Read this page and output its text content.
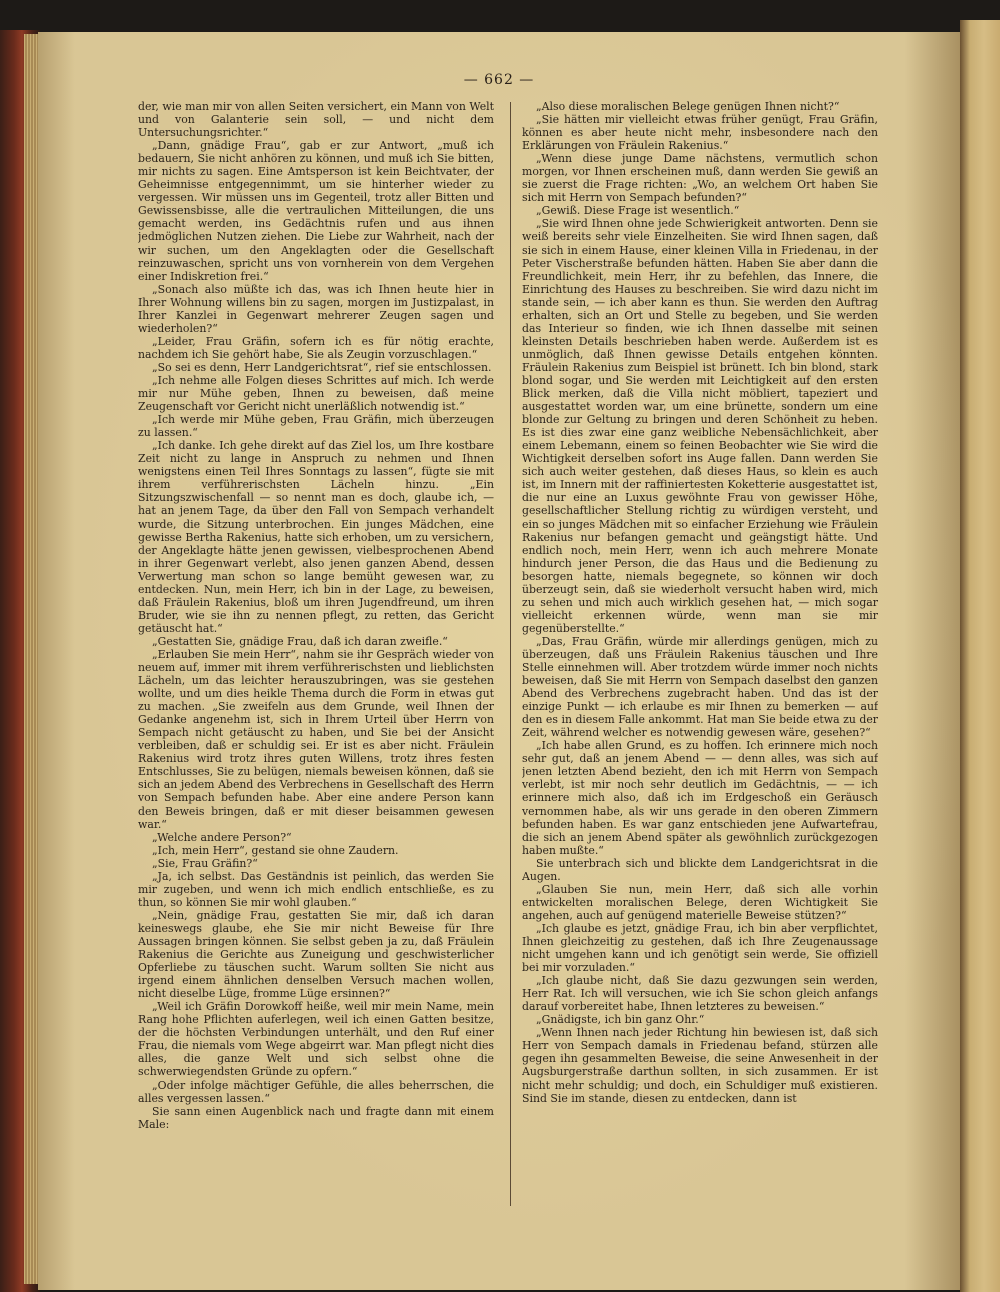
— 662 —

der, wie man mir von allen Seiten versichert, ein Mann von Welt und von Galanterie sein soll, — und nicht dem Untersuchungsrichter.“

„Dann, gnädige Frau“, gab er zur Antwort, „muß ich bedauern, Sie nicht anhören zu können, und muß ich Sie bitten, mir nichts zu sagen. Eine Amtsperson ist kein Beichtvater, der Geheimnisse entgegennimmt, um sie hinterher wieder zu vergessen. Wir müssen uns im Gegenteil, trotz aller Bitten und Gewissensbisse, alle die vertraulichen Mitteilungen, die uns gemacht werden, ins Gedächtnis rufen und aus ihnen jedmöglichen Nutzen ziehen. Die Liebe zur Wahrheit, nach der wir suchen, um den Angeklagten oder die Gesellschaft reinzuwaschen, spricht uns von vornherein von dem Vergehen einer Indiskretion frei.“

„Sonach also müßte ich das, was ich Ihnen heute hier in Ihrer Wohnung willens bin zu sagen, morgen im Justizpalast, in Ihrer Kanzlei in Gegenwart mehrerer Zeugen sagen und wiederholen?“

„Leider, Frau Gräfin, sofern ich es für nötig erachte, nachdem ich Sie gehört habe, Sie als Zeugin vorzuschlagen.“

„So sei es denn, Herr Landgerichtsrat“, rief sie entschlossen.

„Ich nehme alle Folgen dieses Schrittes auf mich. Ich werde mir nur Mühe geben, Ihnen zu beweisen, daß meine Zeugenschaft vor Gericht nicht unerläßlich notwendig ist.“

„Ich werde mir Mühe geben, Frau Gräfin, mich überzeugen zu lassen.“

„Ich danke. Ich gehe direkt auf das Ziel los, um Ihre kostbare Zeit nicht zu lange in Anspruch zu nehmen und Ihnen wenigstens einen Teil Ihres Sonntags zu lassen“, fügte sie mit ihrem verführerischsten Lächeln hinzu. „Ein Sitzungszwischenfall — so nennt man es doch, glaube ich, — hat an jenem Tage, da über den Fall von Sempach verhandelt wurde, die Sitzung unterbrochen. Ein junges Mädchen, eine gewisse Bertha Rakenius, hatte sich erhoben, um zu versichern, der Angeklagte hätte jenen gewissen, vielbesprochenen Abend in ihrer Gegenwart verlebt, also jenen ganzen Abend, dessen Verwertung man schon so lange bemüht gewesen war, zu entdecken. Nun, mein Herr, ich bin in der Lage, zu beweisen, daß Fräulein Rakenius, bloß um ihren Jugendfreund, um ihren Bruder, wie sie ihn zu nennen pflegt, zu retten, das Gericht getäuscht hat.“

„Gestatten Sie, gnädige Frau, daß ich daran zweifle.“

„Erlauben Sie mein Herr“, nahm sie ihr Gespräch wieder von neuem auf, immer mit ihrem verführerischsten und lieblichsten Lächeln, um das leichter herauszubringen, was sie gestehen wollte, und um dies heikle Thema durch die Form in etwas gut zu machen. „Sie zweifeln aus dem Grunde, weil Ihnen der Gedanke angenehm ist, sich in Ihrem Urteil über Herrn von Sempach nicht getäuscht zu haben, und Sie bei der Ansicht verbleiben, daß er schuldig sei. Er ist es aber nicht. Fräulein Rakenius wird trotz ihres guten Willens, trotz ihres festen Entschlusses, Sie zu belügen, niemals beweisen können, daß sie sich an jedem Abend des Verbrechens in Gesellschaft des Herrn von Sempach befunden habe. Aber eine andere Person kann den Beweis bringen, daß er mit dieser beisammen gewesen war.“

„Welche andere Person?“

„Ich, mein Herr“, gestand sie ohne Zaudern.

„Sie, Frau Gräfin?“

„Ja, ich selbst. Das Geständnis ist peinlich, das werden Sie mir zugeben, und wenn ich mich endlich entschließe, es zu thun, so können Sie mir wohl glauben.“

„Nein, gnädige Frau, gestatten Sie mir, daß ich daran keineswegs glaube, ehe Sie mir nicht Beweise für Ihre Aussagen bringen können. Sie selbst geben ja zu, daß Fräulein Rakenius die Gerichte aus Zuneigung und geschwisterlicher Opferliebe zu täuschen sucht. Warum sollten Sie nicht aus irgend einem ähnlichen denselben Versuch machen wollen, nicht dieselbe Lüge, fromme Lüge ersinnen?“

„Weil ich Gräfin Dorowkoff heiße, weil mir mein Name, mein Rang hohe Pflichten auferlegen, weil ich einen Gatten besitze, der die höchsten Verbindungen unterhält, und den Ruf einer Frau, die niemals vom Wege abgeirrt war. Man pflegt nicht dies alles, die ganze Welt und sich selbst ohne die schwerwiegendsten Gründe zu opfern.“

„Oder infolge mächtiger Gefühle, die alles beherrschen, die alles vergessen lassen.“

Sie sann einen Augenblick nach und fragte dann mit einem Male:

„Also diese moralischen Belege genügen Ihnen nicht?“

„Sie hätten mir vielleicht etwas früher genügt, Frau Gräfin, können es aber heute nicht mehr, insbesondere nach den Erklärungen von Fräulein Rakenius.“

„Wenn diese junge Dame nächstens, vermutlich schon morgen, vor Ihnen erscheinen muß, dann werden Sie gewiß an sie zuerst die Frage richten: „Wo, an welchem Ort haben Sie sich mit Herrn von Sempach befunden?“

„Gewiß. Diese Frage ist wesentlich.“

„Sie wird Ihnen ohne jede Schwierigkeit antworten. Denn sie weiß bereits sehr viele Einzelheiten. Sie wird Ihnen sagen, daß sie sich in einem Hause, einer kleinen Villa in Friedenau, in der Peter Vischerstraße befunden hätten. Haben Sie aber dann die Freundlichkeit, mein Herr, ihr zu befehlen, das Innere, die Einrichtung des Hauses zu beschreiben. Sie wird dazu nicht im stande sein, — ich aber kann es thun. Sie werden den Auftrag erhalten, sich an Ort und Stelle zu begeben, und Sie werden das Interieur so finden, wie ich Ihnen dasselbe mit seinen kleinsten Details beschrieben haben werde. Außerdem ist es unmöglich, daß Ihnen gewisse Details entgehen könnten. Fräulein Rakenius zum Beispiel ist brünett. Ich bin blond, stark blond sogar, und Sie werden mit Leichtigkeit auf den ersten Blick merken, daß die Villa nicht möbliert, tapeziert und ausgestattet worden war, um eine brünette, sondern um eine blonde zur Geltung zu bringen und deren Schönheit zu heben. Es ist dies zwar eine ganz weibliche Nebensächlichkeit, aber einem Lebemann, einem so feinen Beobachter wie Sie wird die Wichtigkeit derselben sofort ins Auge fallen. Dann werden Sie sich auch weiter gestehen, daß dieses Haus, so klein es auch ist, im Innern mit der raffiniertesten Koketterie ausgestattet ist, die nur eine an Luxus gewöhnte Frau von gewisser Höhe, gesellschaftlicher Stellung richtig zu würdigen versteht, und ein so junges Mädchen mit so einfacher Erziehung wie Fräulein Rakenius nur befangen gemacht und geängstigt hätte. Und endlich noch, mein Herr, wenn ich auch mehrere Monate hindurch jener Person, die das Haus und die Bedienung zu besorgen hatte, niemals begegnete, so können wir doch überzeugt sein, daß sie wiederholt versucht haben wird, mich zu sehen und mich auch wirklich gesehen hat, — mich sogar vielleicht erkennen würde, wenn man sie mir gegenüberstellte.“

„Das, Frau Gräfin, würde mir allerdings genügen, mich zu überzeugen, daß uns Fräulein Rakenius täuschen und Ihre Stelle einnehmen will. Aber trotzdem würde immer noch nichts beweisen, daß Sie mit Herrn von Sempach daselbst den ganzen Abend des Verbrechens zugebracht haben. Und das ist der einzige Punkt — ich erlaube es mir Ihnen zu bemerken — auf den es in diesem Falle ankommt. Hat man Sie beide etwa zu der Zeit, während welcher es notwendig gewesen wäre, gesehen?“

„Ich habe allen Grund, es zu hoffen. Ich erinnere mich noch sehr gut, daß an jenem Abend — — denn alles, was sich auf jenen letzten Abend bezieht, den ich mit Herrn von Sempach verlebt, ist mir noch sehr deutlich im Gedächtnis, — — ich erinnere mich also, daß ich im Erdgeschoß ein Geräusch vernommen habe, als wir uns gerade in den oberen Zimmern befunden haben. Es war ganz entschieden jene Aufwartefrau, die sich an jenem Abend später als gewöhnlich zurückgezogen haben mußte.“

Sie unterbrach sich und blickte dem Landgerichtsrat in die Augen.

„Glauben Sie nun, mein Herr, daß sich alle vorhin entwickelten moralischen Belege, deren Wichtigkeit Sie angehen, auch auf genügend materielle Beweise stützen?“

„Ich glaube es jetzt, gnädige Frau, ich bin aber verpflichtet, Ihnen gleichzeitig zu gestehen, daß ich Ihre Zeugenaussage nicht umgehen kann und ich genötigt sein werde, Sie offiziell bei mir vorzuladen.“

„Ich glaube nicht, daß Sie dazu gezwungen sein werden, Herr Rat. Ich will versuchen, wie ich Sie schon gleich anfangs darauf vorbereitet habe, Ihnen letzteres zu beweisen.“

„Gnädigste, ich bin ganz Ohr.“

„Wenn Ihnen nach jeder Richtung hin bewiesen ist, daß sich Herr von Sempach damals in Friedenau befand, stürzen alle gegen ihn gesammelten Beweise, die seine Anwesenheit in der Augsburgerstraße darthun sollten, in sich zusammen. Er ist nicht mehr schuldig; und doch, ein Schuldiger muß existieren. Sind Sie im stande, diesen zu entdecken, dann ist
